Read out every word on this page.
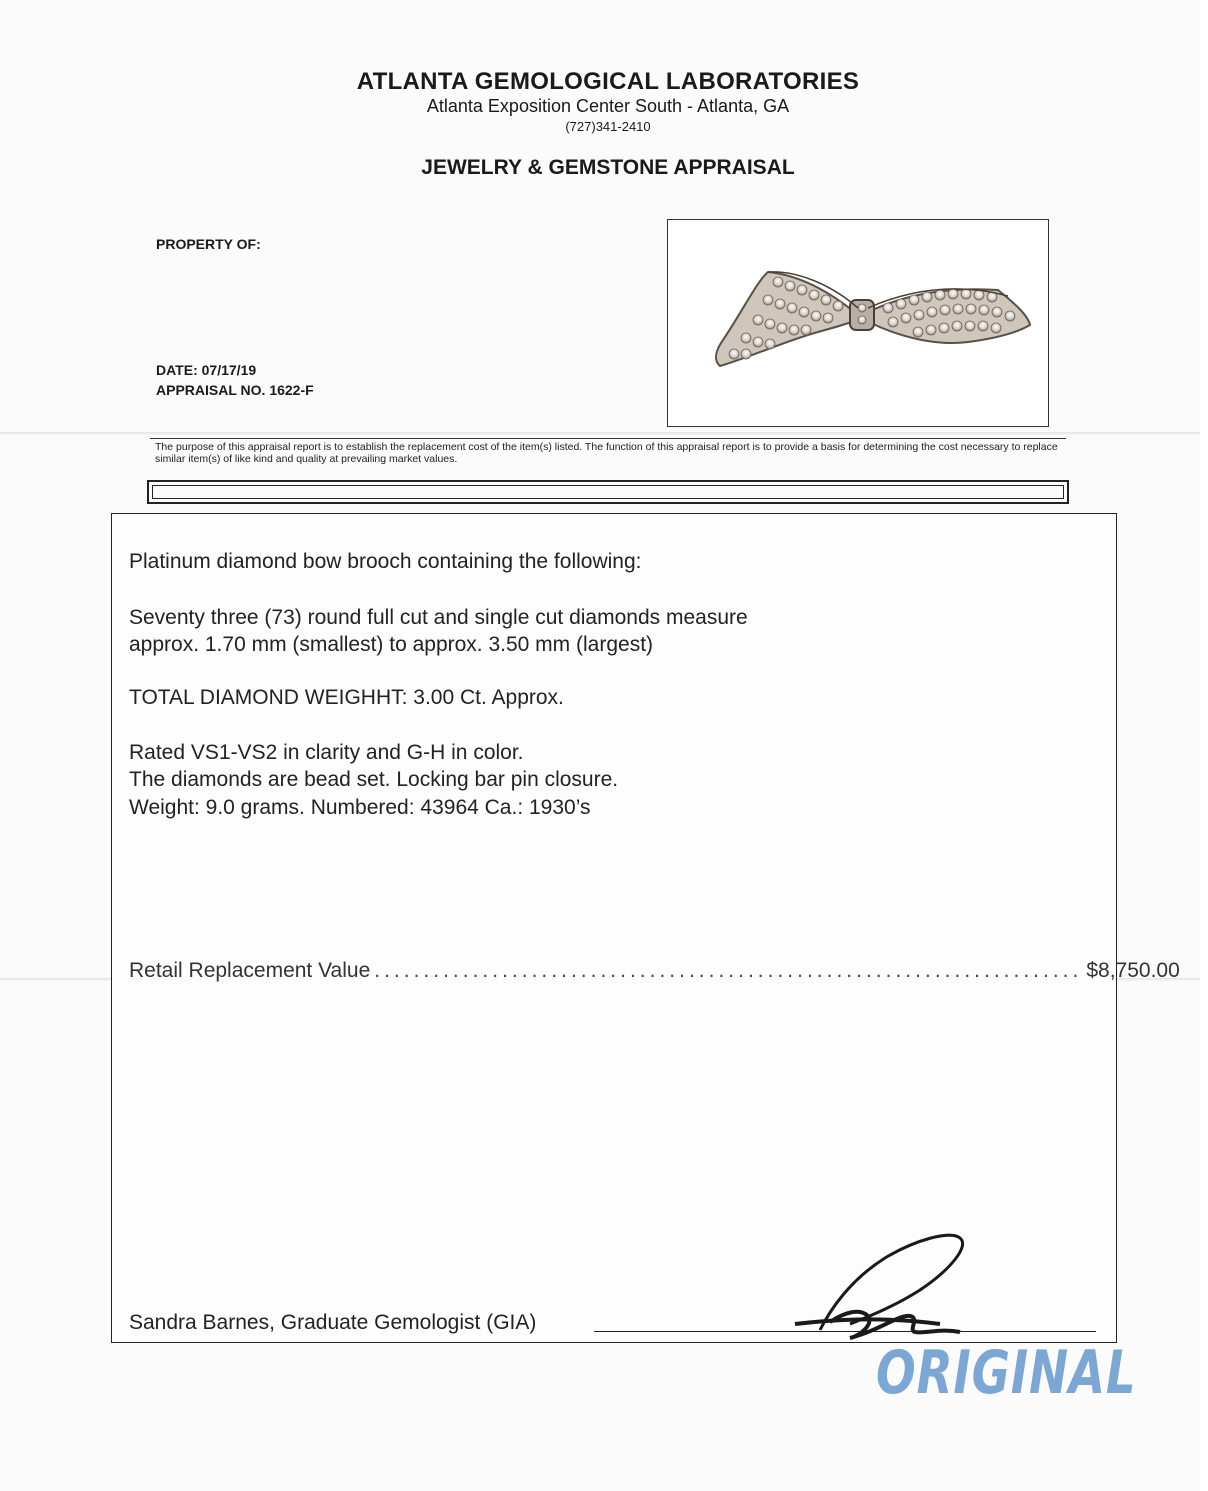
ATLANTA GEMOLOGICAL LABORATORIES
Atlanta Exposition Center South - Atlanta, GA
(727)341-2410
JEWELRY & GEMSTONE APPRAISAL
PROPERTY OF:
DATE: 07/17/19
APPRAISAL NO. 1622-F
The purpose of this appraisal report is to establish the replacement cost of the item(s) listed. The function of this appraisal report is to provide a basis for determining the cost necessary to replace similar item(s) of like kind and quality at prevailing market values.
Platinum diamond bow brooch containing the following:
Seventy three (73) round full cut and single cut diamonds measure
approx. 1.70 mm (smallest) to approx. 3.50 mm (largest)
TOTAL DIAMOND WEIGHHT: 3.00 Ct. Approx.
Rated VS1-VS2 in clarity and G-H in color.
The diamonds are bead set. Locking bar pin closure.
Weight: 9.0 grams. Numbered: 43964 Ca.: 1930’s
Retail Replacement Value ........................................................................ $8,750.00
Sandra Barnes, Graduate Gemologist (GIA)
ORIGINAL
